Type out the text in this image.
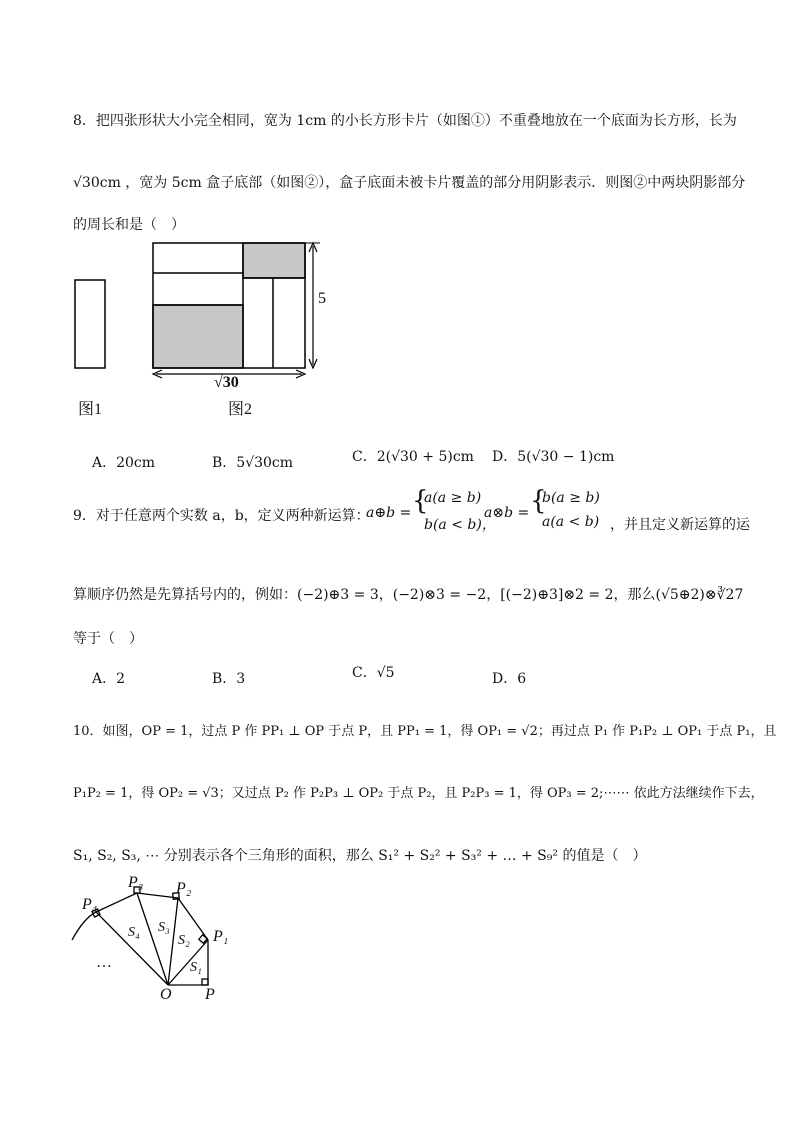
8．把四张形状大小完全相同，宽为 1cm 的小长方形卡片（如图①）不重叠地放在一个底面为长方形，长为
√30cm ，宽为 5cm 盒子底部（如图②），盒子底面未被卡片覆盖的部分用阴影表示．则图②中两块阴影部分
的周长和是（　）
图1	图2
5
√30
A．20cm	B．5√30cm	C．2(√30 + 5)cm D．5(√30 − 1)cm
9．对于任意两个实数 a，b，定义两种新运算：
a⊕b = {
a(a ≥ b)
b(a < b)，
a⊗b = {
b(a ≥ b)
a(a < b) ，并且定义新运算的运
算顺序仍然是先算括号内的，例如：(−2)⊕3 = 3，(−2)⊗3 = −2，[(−2)⊕3]⊗2 = 2，那么(√5⊕2)⊗∛27
等于（　）
A．2	B．3	C．√5	D．6
10．如图，OP = 1，过点 P 作 PP₁ ⊥ OP 于点 P，且 PP₁ = 1，得 OP₁ = √2；再过点 P₁ 作 P₁P₂ ⊥ OP₁ 于点 P₁，且
P₁P₂ = 1，得 OP₂ = √3；又过点 P₂ 作 P₂P₃ ⊥ OP₂ 于点 P₂，且 P₂P₃ = 1，得 OP₃ = 2;⋯⋯ 依此方法继续作下去，
S₁, S₂, S₃, ⋯ 分别表示各个三角形的面积，那么 S₁² + S₂² + S₃² + … + S₉² 的值是（　）
O P
P₁
P₂
P₃
P₄
S₁
S₂
S₃
S₄
…
